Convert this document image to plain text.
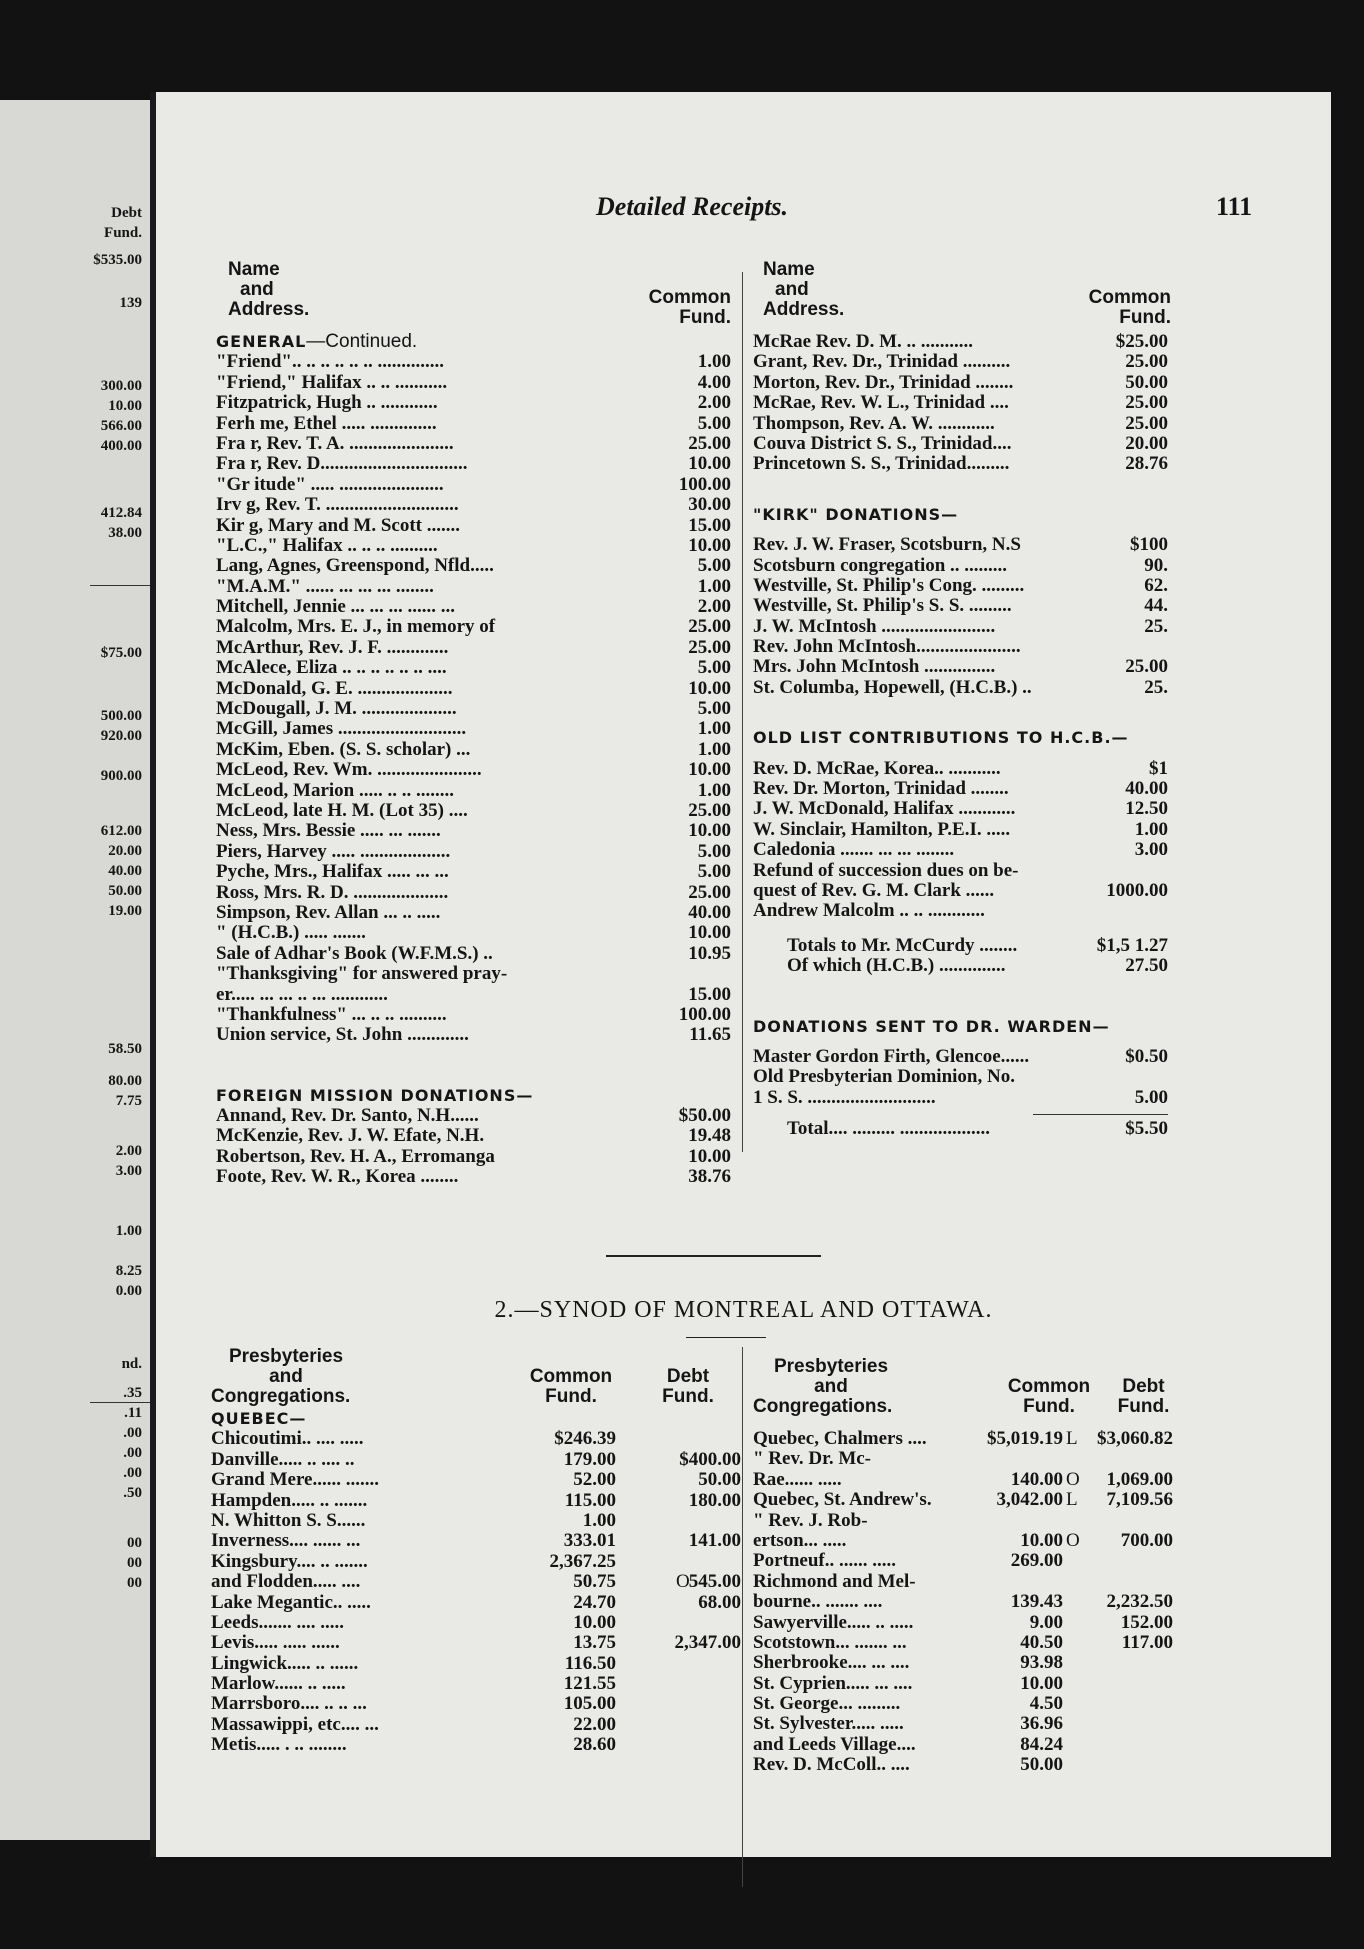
Debt
Fund.
$535.00
139
300.00
10.00
566.00
400.00
412.84
38.00
$75.00
500.00
920.00
900.00
612.00
20.00
40.00
50.00
19.00
58.50
80.00
7.75
2.00
3.00
1.00
8.25
0.00
nd.
.35
.11
.00
.00
.00
.50
00
00
00
Detailed Receipts.	111
Name
and
Address.
Common
Fund.
GENERAL—Continued.
"Friend".. .. .. .. .. .. ..............	1.00
"Friend," Halifax .. .. ...........	4.00
Fitzpatrick, Hugh .. ............	2.00
Ferh me, Ethel ..... ..............	5.00
Fra r, Rev. T. A. ......................	25.00
Fra r, Rev. D...............................	10.00
"Gr itude" ..... ......................	100.00
Irv g, Rev. T. ............................	30.00
Kir g, Mary and M. Scott .......	15.00
"L.C.," Halifax .. .. .. ..........	10.00
Lang, Agnes, Greenspond, Nfld.....	5.00
"M.A.M." ...... ... ... ... ........	1.00
Mitchell, Jennie ... ... ... ...... ...	2.00
Malcolm, Mrs. E. J., in memory of	25.00
McArthur, Rev. J. F. .............	25.00
McAlece, Eliza .. .. .. .. .. .. ....	5.00
McDonald, G. E. ....................	10.00
McDougall, J. M. ....................	5.00
McGill, James ...........................	1.00
McKim, Eben. (S. S. scholar) ...	1.00
McLeod, Rev. Wm. ......................	10.00
McLeod, Marion ..... .. .. ........	1.00
McLeod, late H. M. (Lot 35) ....	25.00
Ness, Mrs. Bessie ..... ... .......	10.00
Piers, Harvey ..... ...................	5.00
Pyche, Mrs., Halifax ..... ... ...	5.00
Ross, Mrs. R. D. ....................	25.00
Simpson, Rev. Allan ... .. .....	40.00
" (H.C.B.) ..... .......	10.00
Sale of Adhar's Book (W.F.M.S.) ..	10.95
"Thanksgiving" for answered pray-
er..... ... ... .. ... ............	15.00
"Thankfulness" ... .. .. ..........	100.00
Union service, St. John .............	11.65
FOREIGN MISSION DONATIONS—
Annand, Rev. Dr. Santo, N.H......	$50.00
McKenzie, Rev. J. W. Efate, N.H.	19.48
Robertson, Rev. H. A., Erromanga	10.00
Foote, Rev. W. R., Korea ........	38.76
Name
and
Address.
Common
Fund.
McRae Rev. D. M. .. ...........	$25.00
Grant, Rev. Dr., Trinidad ..........	25.00
Morton, Rev. Dr., Trinidad ........	50.00
McRae, Rev. W. L., Trinidad ....	25.00
Thompson, Rev. A. W. ............	25.00
Couva District S. S., Trinidad....	20.00
Princetown S. S., Trinidad.........	28.76
"KIRK" DONATIONS—
Rev. J. W. Fraser, Scotsburn, N.S	$100
Scotsburn congregation .. .........	90.
Westville, St. Philip's Cong. .........	62.
Westville, St. Philip's S. S. .........	44.
J. W. McIntosh ........................	25.
Rev. John McIntosh......................
Mrs. John McIntosh ...............	25.00
St. Columba, Hopewell, (H.C.B.) ..	25.
OLD LIST CONTRIBUTIONS TO H.C.B.—
Rev. D. McRae, Korea.. ...........	$1
Rev. Dr. Morton, Trinidad ........	40.00
J. W. McDonald, Halifax ............	12.50
W. Sinclair, Hamilton, P.E.I. .....	1.00
Caledonia ....... ... ... ........	3.00
Refund of succession dues on be-
quest of Rev. G. M. Clark ......	1000.00
Andrew Malcolm .. .. ............
Totals to Mr. McCurdy ........	$1,5 1.27
Of which (H.C.B.) ..............	27.50
DONATIONS SENT TO DR. WARDEN—
Master Gordon Firth, Glencoe......	$0.50
Old Presbyterian Dominion, No.
1 S. S. ...........................	5.00
Total.... ......... ...................	$5.50
2.—SYNOD OF MONTREAL AND OTTAWA.
Presbyteries
and
Congregations.
Common
Fund.
Debt
Fund.
QUEBEC—
Chicoutimi.. .... .....	$246.39
Danville..... .. .... ..	179.00	$400.00
Grand Mere...... .......	52.00	50.00
Hampden..... .. .......	115.00	180.00
N. Whitton S. S......	1.00
Inverness.... ...... ...	333.01	141.00
Kingsbury.... .. .......	2,367.25
and Flodden..... ....	50.75	O 545.00
Lake Megantic.. .....	24.70	68.00
Leeds....... .... .....	10.00
Levis..... ..... ......	13.75	2,347.00
Lingwick..... .. ......	116.50
Marlow...... .. .....	121.55
Marrsboro.... .. .. ...	105.00
Massawippi, etc.... ...	22.00
Metis..... . .. ........	28.60
Presbyteries
and
Congregations.
Common
Fund.
Debt
Fund.
Quebec, Chalmers ....	$5,019.19 L $3,060.82
" Rev. Dr. Mc-
Rae...... .....	140.00 O 1,069.00
Quebec, St. Andrew's.	3,042.00 L 7,109.56
" Rev. J. Rob-
ertson... .....	10.00 O 700.00
Portneuf.. ...... .....	269.00
Richmond and Mel-
bourne.. ....... ....	139.43 2,232.50
Sawyerville..... .. .....	9.00	152.00
Scotstown... ....... ...	40.50	117.00
Sherbrooke.... ... ....	93.98
St. Cyprien..... ... ....	10.00
St. George... .........	4.50
St. Sylvester..... .....	36.96
and Leeds Village....	84.24
Rev. D. McColl.. ....	50.00
